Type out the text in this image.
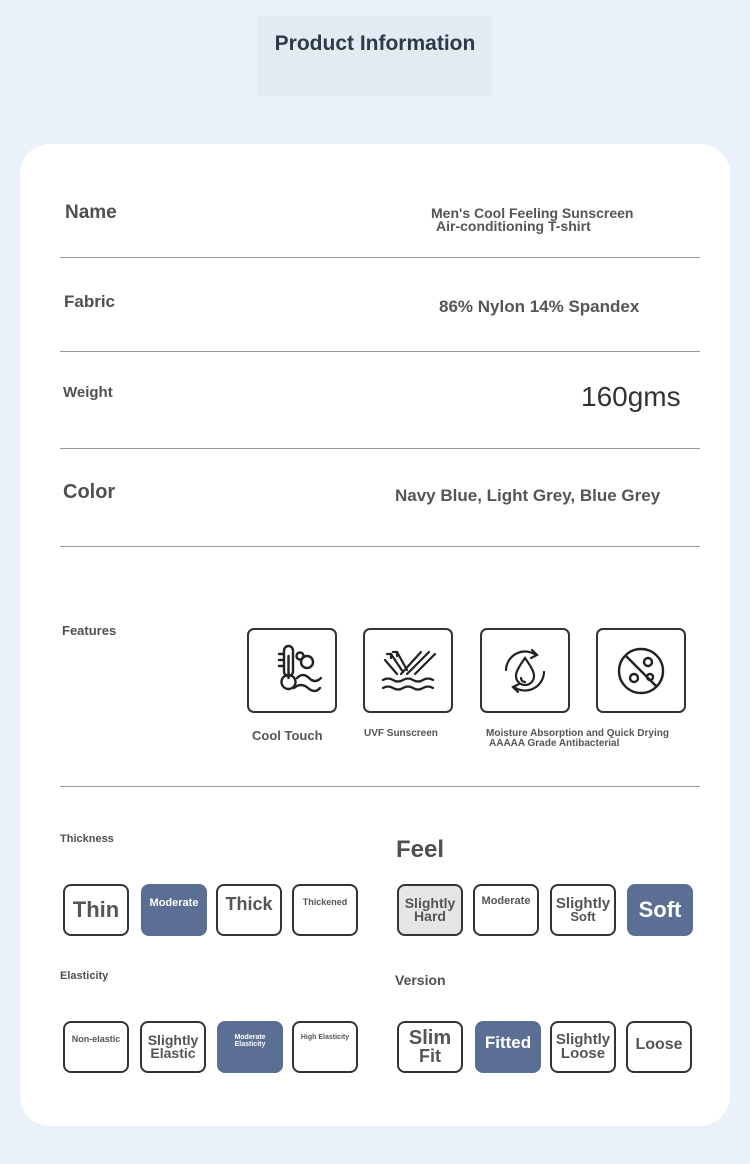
Product Information
Name	Men's Cool Feeling Sunscreen
Air-conditioning T-shirt
Fabric	86% Nylon 14% Spandex
Weight	160gms
Color	Navy Blue, Light Grey, Blue Grey
Features
Cool Touch	UVF Sunscreen	Moisture Absorption and Quick Drying
AAAAA Grade Antibacterial
Thickness
Thin	Moderate	Thick	Thickened
Feel
Slightly
Hard
Moderate	Slightly
Soft	Soft
Elasticity
Non-elastic	Slightly
Elastic
Moderate Elasticity
High Elasticity
Version
Slim
Fit
Fitted	Slightly
Loose
Loose
